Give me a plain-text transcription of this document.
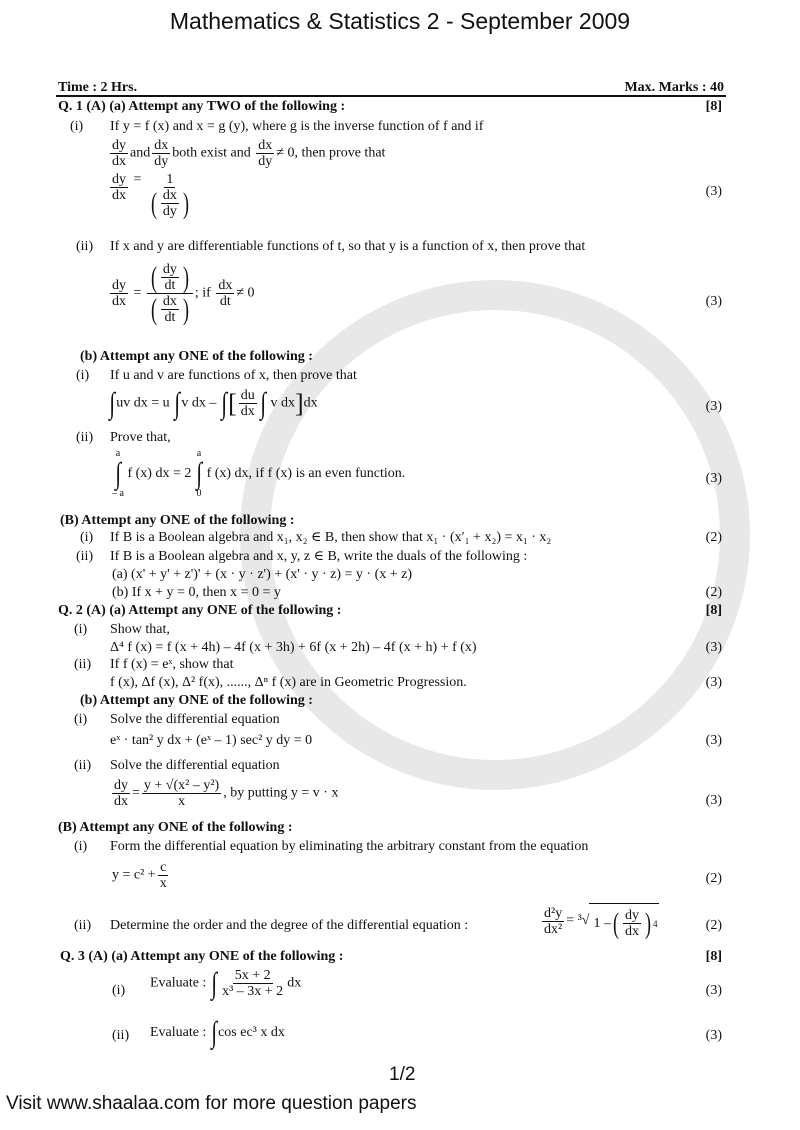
Mathematics & Statistics 2 - September 2009
Time : 2 Hrs.	Max. Marks : 40
Q. 1 (A) (a) Attempt any TWO of the following :	[8]
(i) If y = f (x) and x = g (y), where g is the inverse function of f and if
$\frac{dy}{dx}$ and $\frac{dx}{dy}$ both exist and $\frac{dx}{dy} \ne 0$, then prove that
$\frac{dy}{dx} = \frac{1}{( \frac{dx}{dy} )}$	(3)
(ii) If x and y are differentiable functions of t, so that y is a function of x, then prove that
$\frac{dy}{dx} = \frac{( \frac{dy}{dt} )}{( \frac{dx}{dt} )}$ ; if $\frac{dx}{dt} \ne 0$
(3)
(b) Attempt any ONE of the following :
(i) If u and v are functions of x, then prove that
∫uv dx = u ∫v dx – ∫[ $\frac{du}{dx}$ ∫ v dx]dx	(3)
(ii) Prove that,
a
∫
– a
f (x) dx = 2
a
∫
0
f (x) dx, if f (x) is an even function.	(3)
(B) Attempt any ONE of the following :
(i) If B is a Boolean algebra and x₁, x₂ ∈ B, then show that x₁ · (x′₁ + x₂) = x₁ · x₂	(2)
(ii) If B is a Boolean algebra and x, y, z ∈ B, write the duals of the following :
(a) (x' + y' + z')' + (x · y · z') + (x' · y · z) = y · (x + z)
(b) If x + y = 0, then x = 0 = y	(2)
Q. 2 (A) (a) Attempt any ONE of the following :	[8]
(i) Show that,
Δ⁴ f (x) = f (x + 4h) – 4f (x + 3h) + 6f (x + 2h) – 4f (x + h) + f (x)	(3)
(ii) If f (x) = eˣ, show that
f (x), Δf (x), Δ² f(x), ......, Δⁿ f (x) are in Geometric Progression.	(3)
(b) Attempt any ONE of the following :
(i) Solve the differential equation
eˣ · tan² y dx + (eˣ – 1) sec² y dy = 0	(3)
(ii) Solve the differential equation
$\frac{dy}{dx} = \frac{\text{y + √(x² – y²)}}{x}$ , by putting y = v · x	(3)
(B) Attempt any ONE of the following :
(i) Form the differential equation by eliminating the arbitrary constant from the equation
$y = c^2 + \frac{c}{x}$	(2)
(ii) Determine the order and the degree of the differential equation :	$\frac{\text{d²y}}{\text{dx²}} = ^3√$ 1 – ( $\frac{dy}{dx}$ ) 4	(2)
Q. 3 (A) (a) Attempt any ONE of the following :	[8]
(i) Evaluate : ∫ $\frac{5x + 2}{\text{x³ – 3x + 2}}$ dx	(3)
(ii) Evaluate : ∫cos ec³ x dx	(3)
1/2
Visit www.shaalaa.com for more question papers
